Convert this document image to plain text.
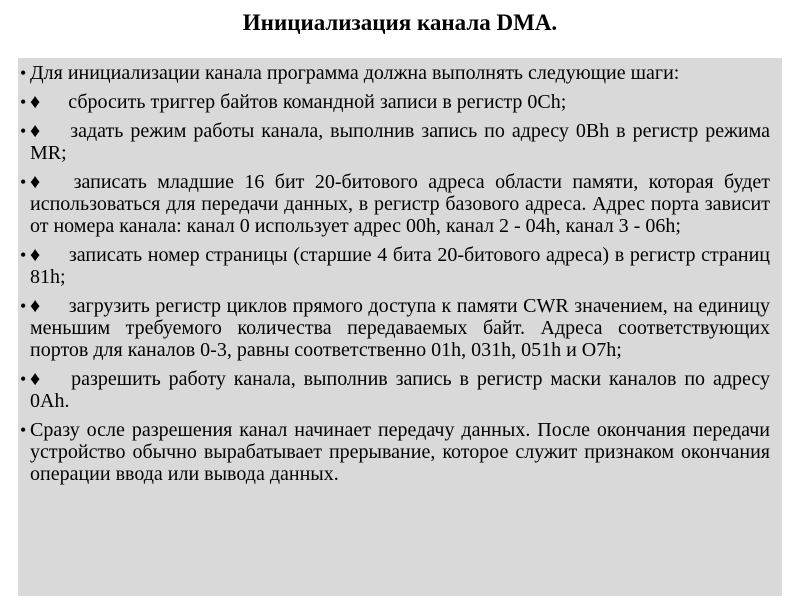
Инициализация канала DMA.
• Для инициализации канала программа должна выполнять следующие шаги:
• ♦ сбросить триггер байтов командной записи в регистр 0Ch;
• ♦ задать режим работы канала, выполнив запись по адресу 0Bh в регистр режима MR;
• ♦ записать младшие 16 бит 20-битового адреса области памяти, которая будет использоваться для передачи данных, в регистр базового адреса. Адрес порта зависит от номера канала: канал 0 использует адрес 00h, канал 2 - 04h, канал 3 - 06h;
• ♦ записать номер страницы (старшие 4 бита 20-битового адреса) в регистр страниц 81h;
• ♦ загрузить регистр циклов прямого доступа к памяти CWR значением, на единицу меньшим требуемого количества передаваемых байт. Адреса соответствующих портов для каналов 0-3, равны соответственно 01h, 031h, 051h и O7h;
• ♦ разрешить работу канала, выполнив запись в регистр маски каналов по адресу 0Ah.
• Сразу осле разрешения канал начинает передачу данных. После окончания передачи устройство обычно вырабатывает прерывание, которое служит признаком окончания операции ввода или вывода данных.
